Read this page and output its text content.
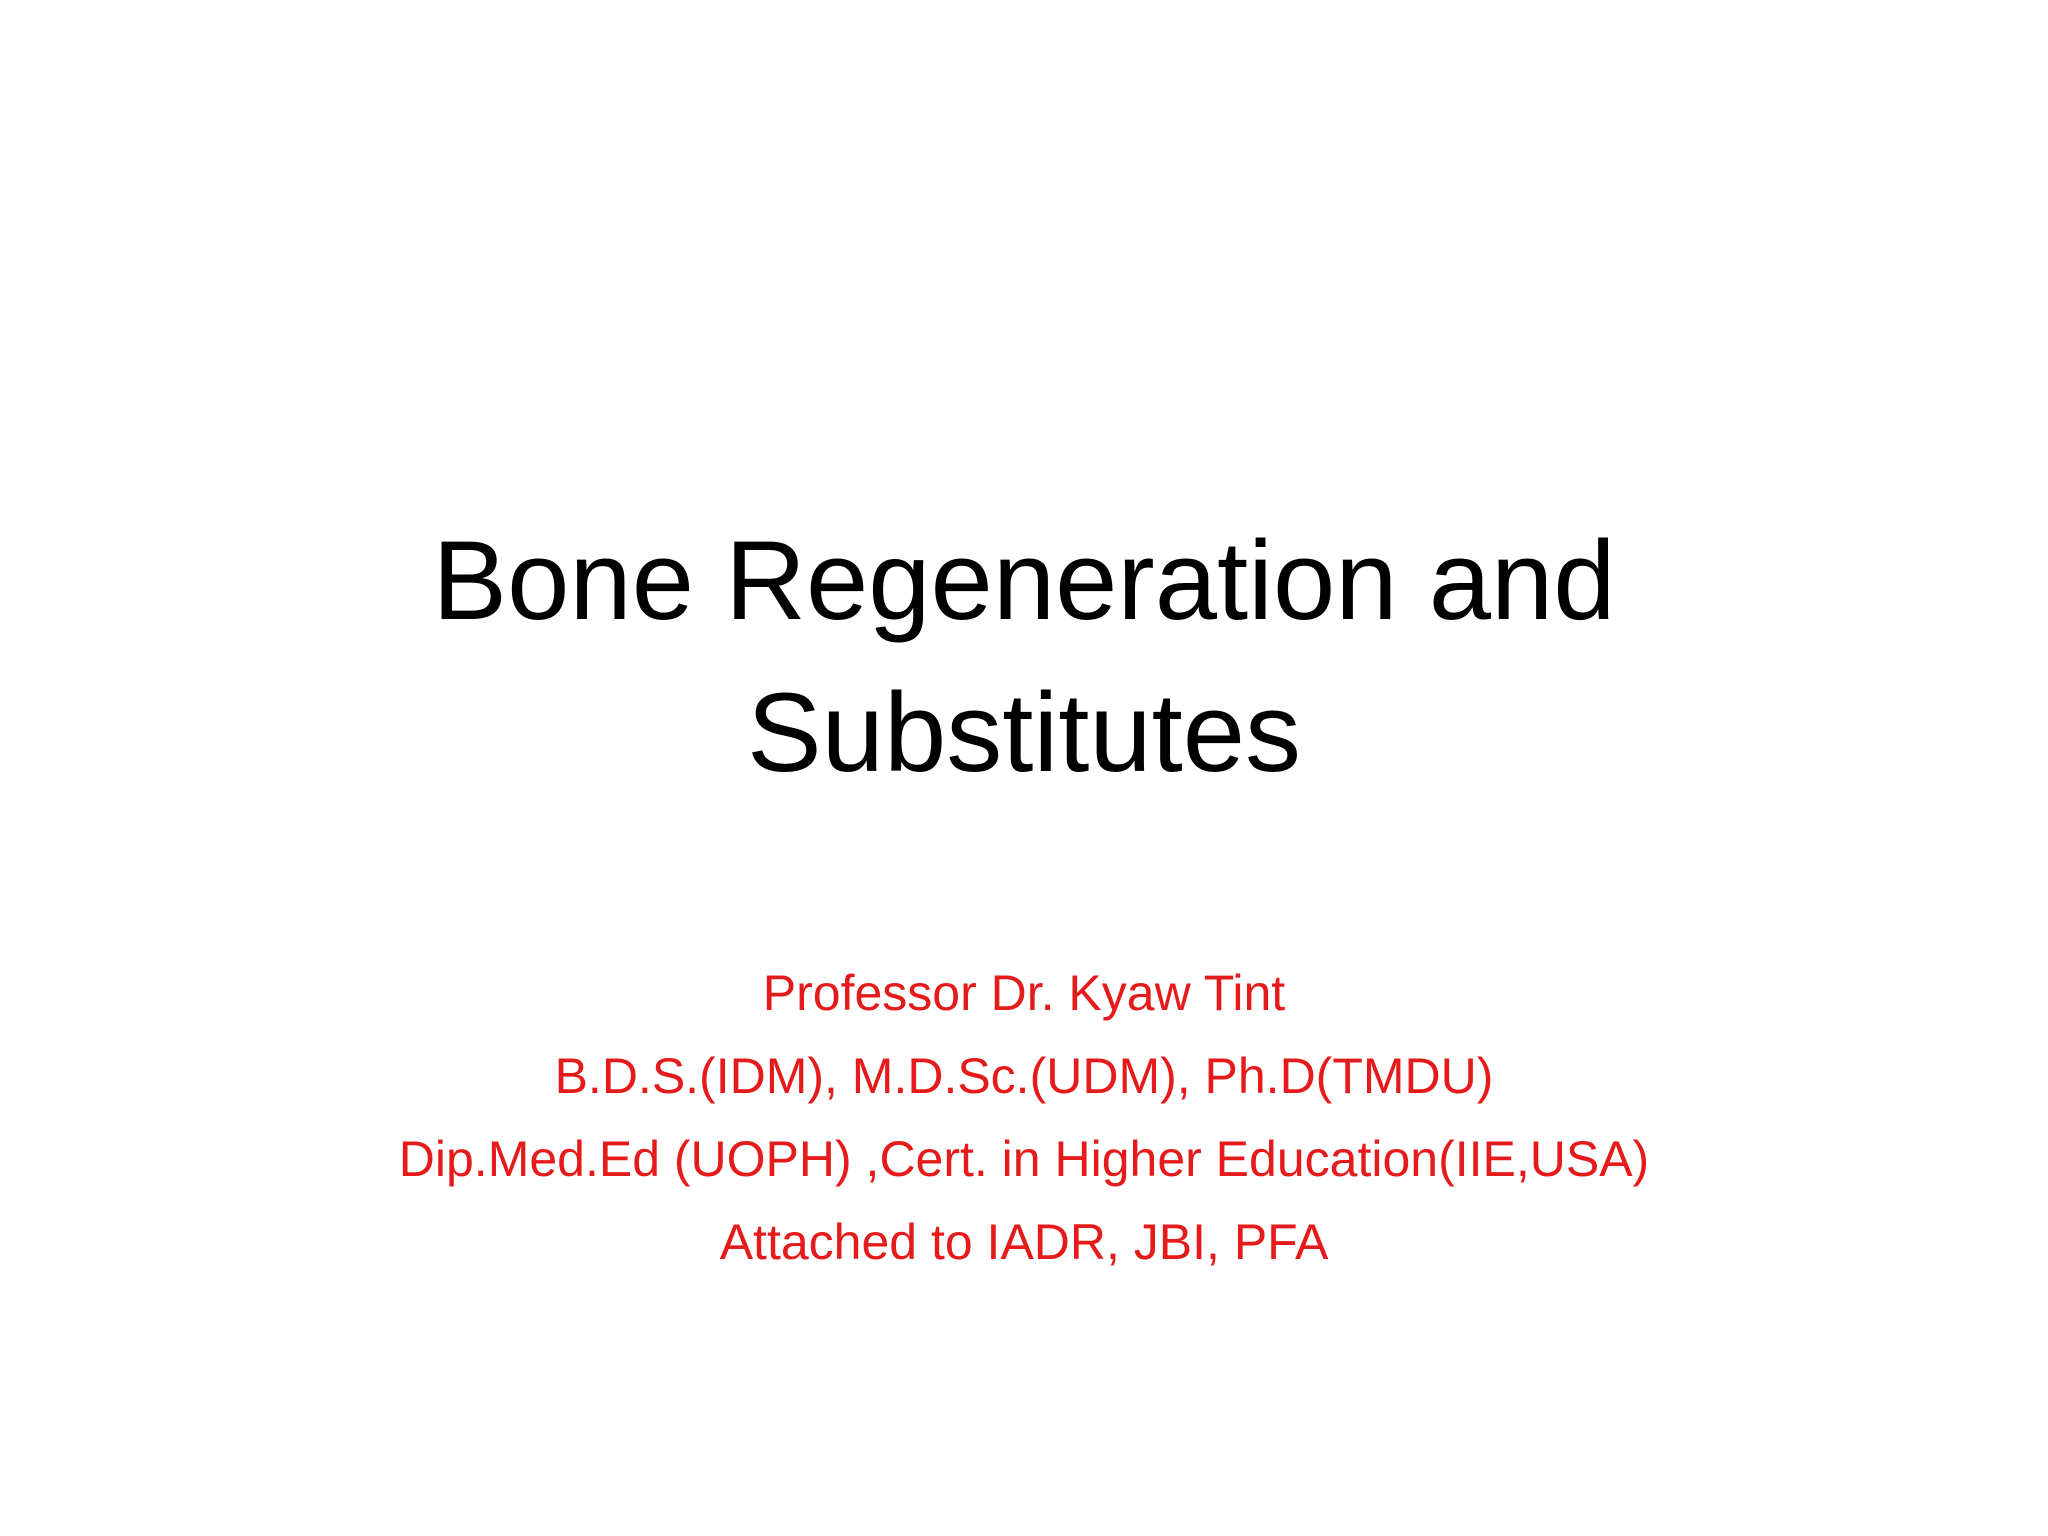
Bone Regeneration and
Substitutes
Professor Dr. Kyaw Tint
B.D.S.(IDM), M.D.Sc.(UDM), Ph.D(TMDU)
Dip.Med.Ed (UOPH) ,Cert. in Higher Education(IIE,USA)
Attached to IADR, JBI, PFA
